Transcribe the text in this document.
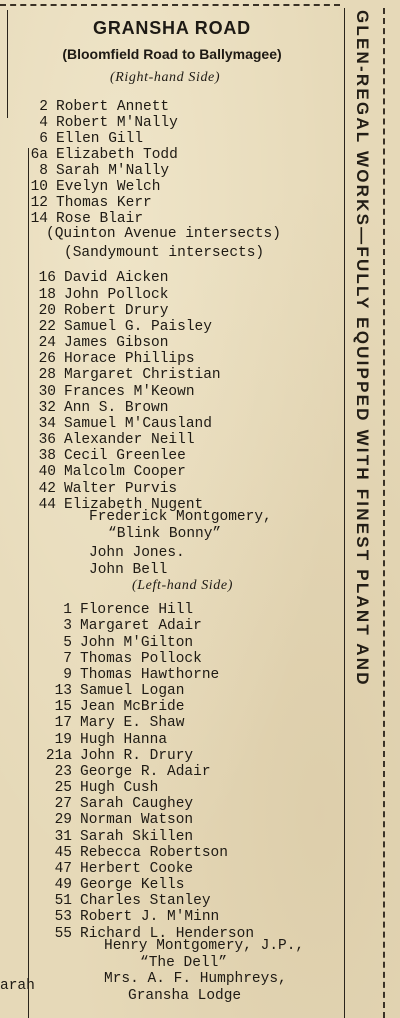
GLEN-REGAL WORKS—FULLY EQUIPPED WITH FINEST PLANT AND
GRANSHA ROAD
(Bloomfield Road to Ballymagee)
(Right-hand Side)
2 Robert Annett
4 Robert M'Nally
6 Ellen Gill
6a Elizabeth Todd
8 Sarah M'Nally
10 Evelyn Welch
12 Thomas Kerr
14 Rose Blair
(Quinton Avenue intersects)
(Sandymount intersects)
16 David Aicken
18 John Pollock
20 Robert Drury
22 Samuel G. Paisley
24 James Gibson
26 Horace Phillips
28 Margaret Christian
30 Frances M'Keown
32 Ann S. Brown
34 Samuel M'Causland
36 Alexander Neill
38 Cecil Greenlee
40 Malcolm Cooper
42 Walter Purvis
44 Elizabeth Nugent
Frederick Montgomery,
“Blink Bonny”
John Jones.
John Bell
(Left-hand Side)
1 Florence Hill
3 Margaret Adair
5 John M'Gilton
7 Thomas Pollock
9 Thomas Hawthorne
13 Samuel Logan
15 Jean McBride
17 Mary E. Shaw
19 Hugh Hanna
21a John R. Drury
23 George R. Adair
25 Hugh Cush
27 Sarah Caughey
29 Norman Watson
31 Sarah Skillen
45 Rebecca Robertson
47 Herbert Cooke
49 George Kells
51 Charles Stanley
53 Robert J. M'Minn
55 Richard L. Henderson
Henry Montgomery, J.P.,
“The Dell”
Mrs. A. F. Humphreys,
Gransha Lodge
arah
